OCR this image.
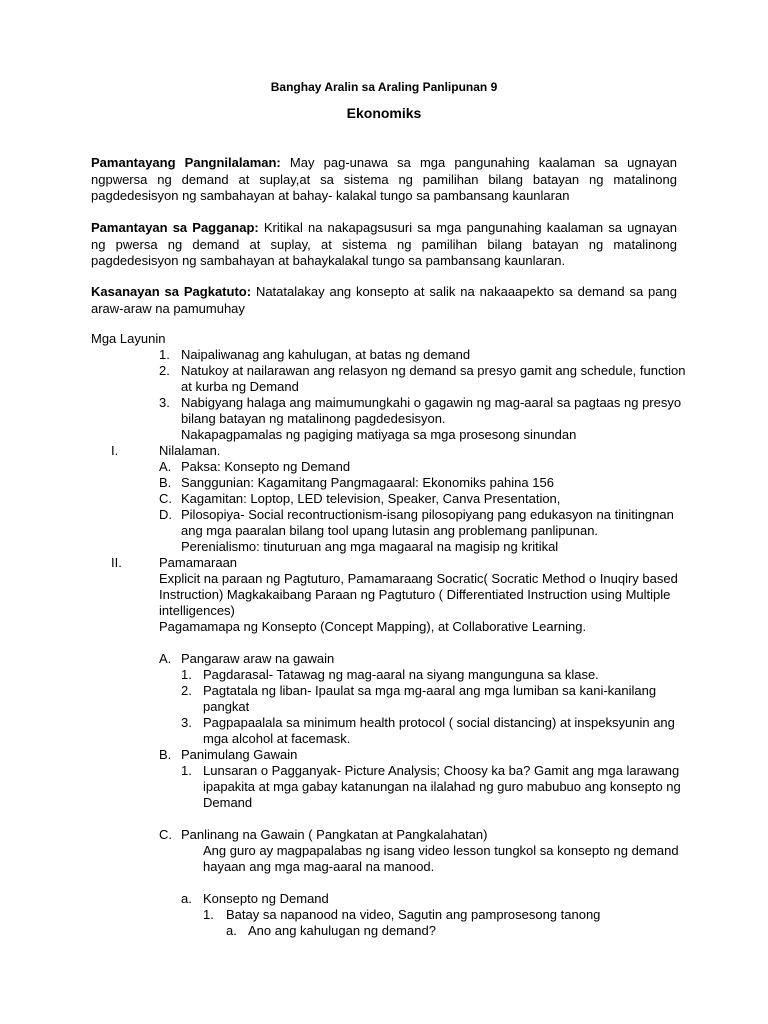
Banghay Aralin sa Araling Panlipunan 9
Ekonomiks
Pamantayang Pangnilalaman: May pag-unawa sa mga pangunahing kaalaman sa ugnayan ngpwersa ng demand at suplay,at sa sistema ng pamilihan bilang batayan ng matalinong pagdedesisyon ng sambahayan at bahay- kalakal tungo sa pambansang kaunlaran
Pamantayan sa Pagganap: Kritikal na nakapagsusuri sa mga pangunahing kaalaman sa ugnayan ng pwersa ng demand at suplay, at sistema ng pamilihan bilang batayan ng matalinong pagdedesisyon ng sambahayan at bahaykalakal tungo sa pambansang kaunlaran.
Kasanayan sa Pagkatuto: Natatalakay ang konsepto at salik na nakaaapekto sa demand sa pang araw-araw na pamumuhay
Mga Layunin
1. Naipaliwanag ang kahulugan, at batas ng demand
2. Natukoy at nailarawan ang relasyon ng demand sa presyo gamit ang schedule, function
at kurba ng Demand
3. Nabigyang halaga ang maimumungkahi o gagawin ng mag-aaral sa pagtaas ng presyo
bilang batayan ng matalinong pagdedesisyon.
Nakapagpamalas ng pagiging matiyaga sa mga prosesong sinundan
I.	Nilalaman.
A. Paksa: Konsepto ng Demand
B. Sanggunian: Kagamitang Pangmagaaral: Ekonomiks pahina 156
C. Kagamitan: Loptop, LED television, Speaker, Canva Presentation,
D. Pilosopiya- Social recontructionism-isang pilosopiyang pang edukasyon na tinitingnan
ang mga paaralan bilang tool upang lutasin ang problemang panlipunan.
Perenialismo: tinuturuan ang mga magaaral na magisip ng kritikal
II.	Pamamaraan
Explicit na paraan ng Pagtuturo, Pamamaraang Socratic( Socratic Method o Inuqiry based
Instruction) Magkakaibang Paraan ng Pagtuturo ( Differentiated Instruction using Multiple
intelligences)
Pagamamapa ng Konsepto (Concept Mapping), at Collaborative Learning.
A. Pangaraw araw na gawain
1. Pagdarasal- Tatawag ng mag-aaral na siyang mangunguna sa klase.
2. Pagtatala ng liban- Ipaulat sa mga mg-aaral ang mga lumiban sa kani-kanilang
pangkat
3. Pagpapaalala sa minimum health protocol ( social distancing) at inspeksyunin ang
mga alcohol at facemask.
B. Panimulang Gawain
1. Lunsaran o Pagganyak- Picture Analysis; Choosy ka ba? Gamit ang mga larawang
ipapakita at mga gabay katanungan na ilalahad ng guro mabubuo ang konsepto ng
Demand
C. Panlinang na Gawain ( Pangkatan at Pangkalahatan)
Ang guro ay magpapalabas ng isang video lesson tungkol sa konsepto ng demand
hayaan ang mga mag-aaral na manood.
a. Konsepto ng Demand
1. Batay sa napanood na video, Sagutin ang pamprosesong tanong
a. Ano ang kahulugan ng demand?
